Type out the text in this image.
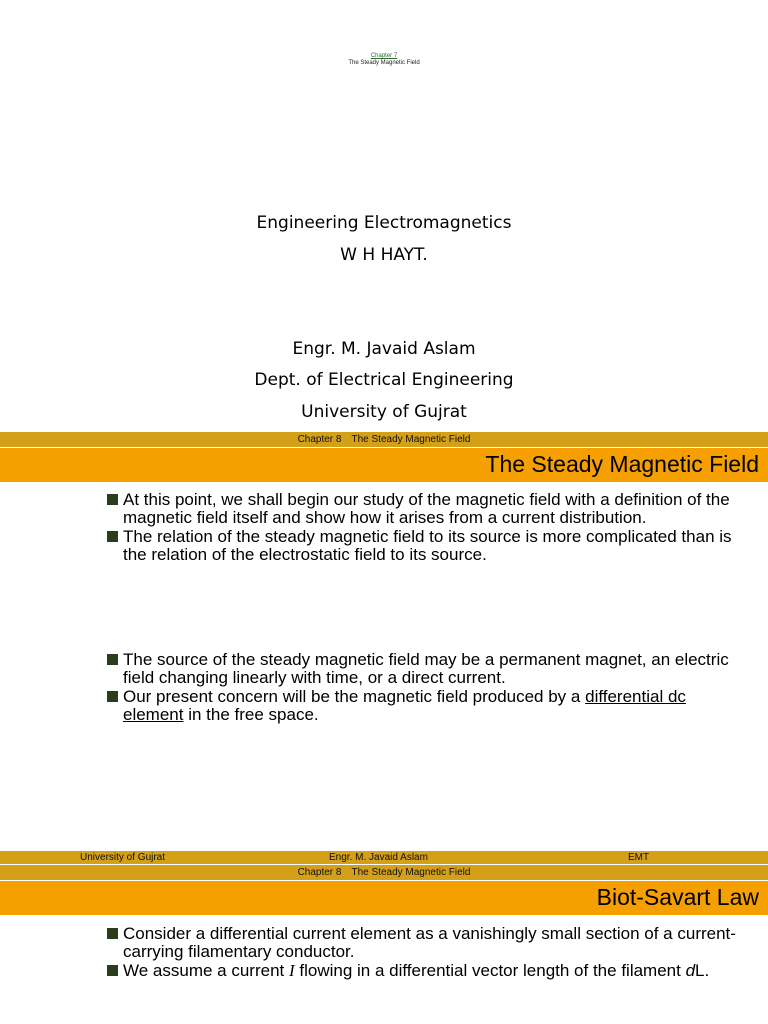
Chapter 7
The Steady Magnetic Field
Engineering Electromagnetics
W H HAYT.
Engr. M. Javaid Aslam
Dept. of Electrical Engineering
University of Gujrat
Chapter 8 The Steady Magnetic Field
The Steady Magnetic Field
At this point, we shall begin our study of the magnetic field with a definition of the magnetic field itself and show how it arises from a current distribution.
The relation of the steady magnetic field to its source is more complicated than is the relation of the electrostatic field to its source.
The source of the steady magnetic field may be a permanent magnet, an electric field changing linearly with time, or a direct current.
Our present concern will be the magnetic field produced by a differential dc element in the free space.
University of Gujrat	Engr. M. Javaid Aslam	EMT
Chapter 8 The Steady Magnetic Field
Biot-Savart Law
Consider a differential current element as a vanishingly small section of a current-carrying filamentary conductor.
We assume a current I flowing in a differential vector length of the filament dL.
